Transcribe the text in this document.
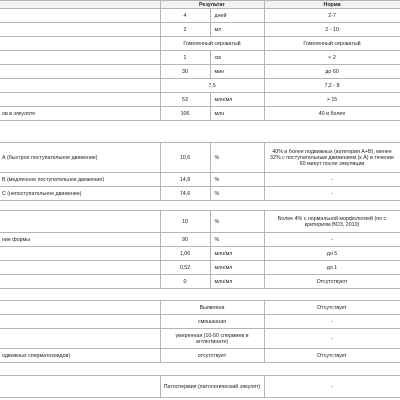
	Результат		Норма
	4	дней	2-7
	2	мл	2 - 10
	Гомогенный сероватый		Гомогенный сероватый
	1	см	< 2
	30	мин	до 60
	7,5		7,2 - 8
	53	млн/мл	> 15
ов в эякуляте	106	млн	40 и более
А (быстрое поступательное движение)	10,6	%	40% и более подвижных (категория А+В), менее 32% с поступательным движением (к А) в течение 60 минут после эякуляции
В (медленное поступательное движение)	14,8	%	-
С (непоступательное движение)	74,6	%	-
	10	%	Более 4% с нормальной морфологией (по с критериям ВОЗ, 2010)
ние формы	90	%	-
	1,06	млн/мл	до 5
	0,52	млн/мл	до 1
	0	млн/мл	Отсутствуют
	Выявлена	Отсутствует
	смешанная	-
	умеренная (10-50 спермиев в агтлютинате)	-
одвижных сперматозоидов)	отсутствует	Отсутствует
	Патоспермия (патологический эякулят)	-
